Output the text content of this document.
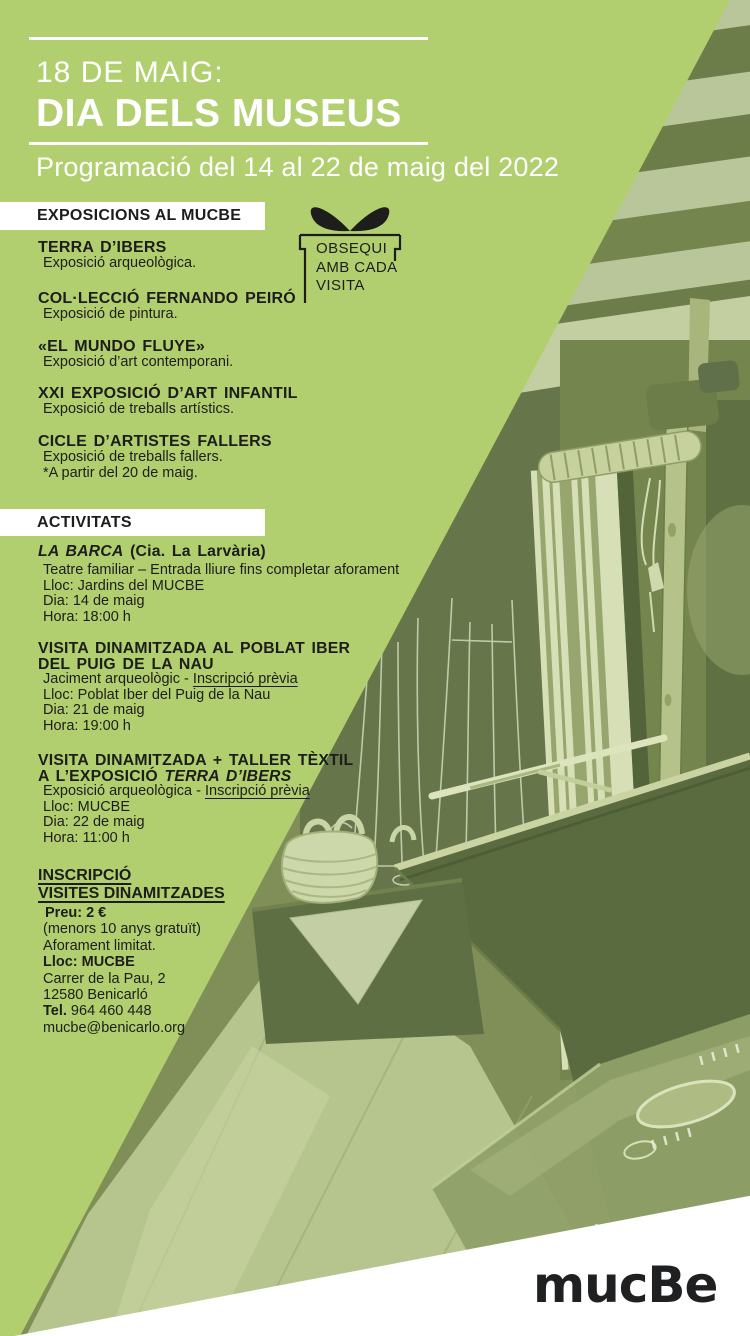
18 DE MAIG:
DIA DELS MUSEUS
Programació del 14 al 22 de maig del 2022
OBSEQUI
AMB CADA
VISITA
EXPOSICIONS AL MUCBE
TERRA D’IBERS
Exposició arqueològica.
COL·LECCIÓ FERNANDO PEIRÓ
Exposició de pintura.
«EL MUNDO FLUYE»
Exposició d’art contemporani.
XXI EXPOSICIÓ D’ART INFANTIL
Exposició de treballs artístics.
CICLE D’ARTISTES FALLERS
Exposició de treballs fallers.
*A partir del 20 de maig.
ACTIVITATS
LA BARCA (Cia. La Larvària)
Teatre familiar – Entrada lliure fins completar aforament
Lloc: Jardins del MUCBE
Dia: 14 de maig
Hora: 18:00 h
VISITA DINAMITZADA AL POBLAT IBER
DEL PUIG DE LA NAU
Jaciment arqueològic - Inscripció prèvia
Lloc: Poblat Iber del Puig de la Nau
Dia: 21 de maig
Hora: 19:00 h
VISITA DINAMITZADA + TALLER TÈXTIL
A L’EXPOSICIÓ TERRA D’IBERS
Exposició arqueològica - Inscripció prèvia
Lloc: MUCBE
Dia: 22 de maig
Hora: 11:00 h
INSCRIPCIÓ
VISITES DINAMITZADES
Preu: 2 €
(menors 10 anys gratuït)
Aforament limitat.
Lloc: MUCBE
Carrer de la Pau, 2
12580 Benicarló
Tel. 964 460 448
mucbe@benicarlo.org
mucBe
